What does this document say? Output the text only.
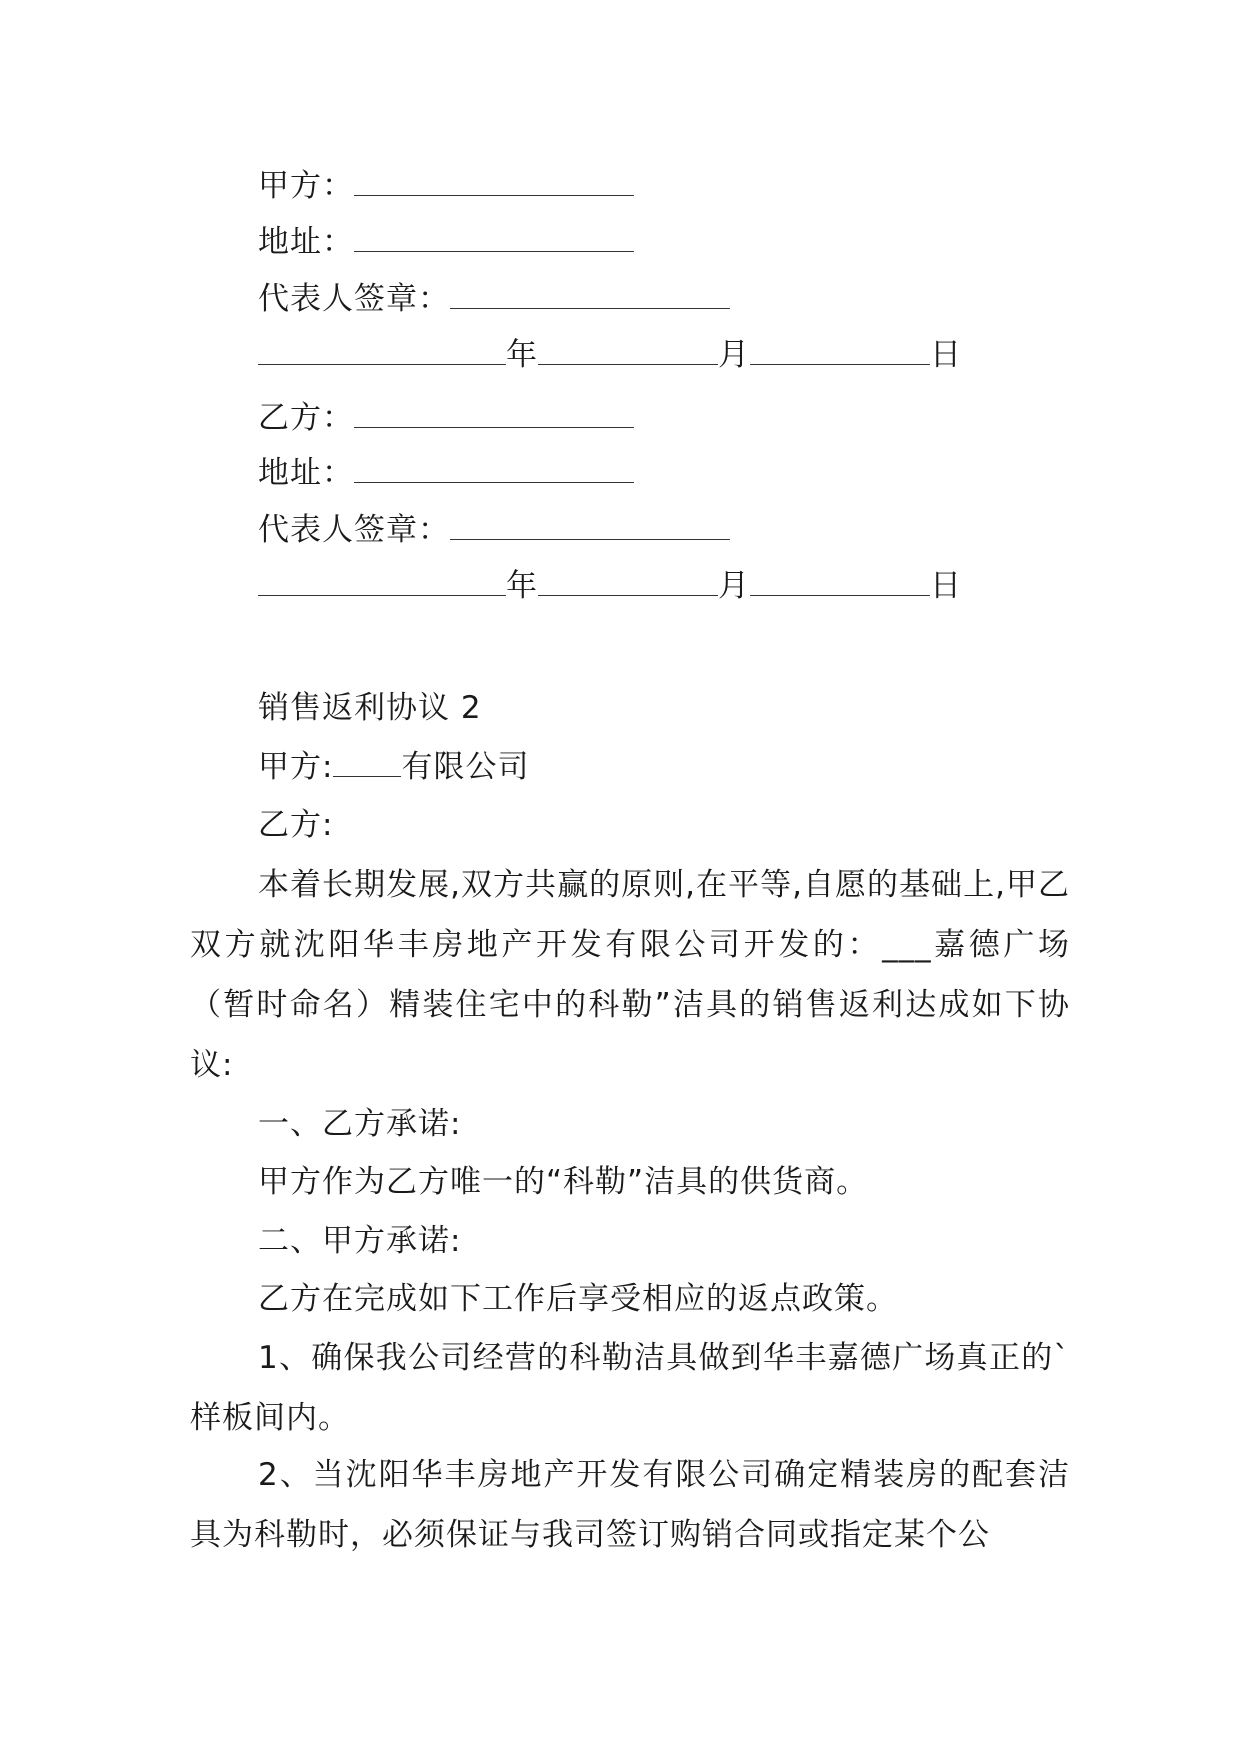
甲方：
地址：
代表人签章：
年	月	日
乙方：
地址：
代表人签章：
年	月	日
销售返利协议 2
甲方: 有限公司
乙方:
本着长期发展,双方共赢的原则,在平等,自愿的基础上,甲乙双方就沈阳华丰房地产开发有限公司开发的：___嘉德广场（暂时命名）精装住宅中的科勒”洁具的销售返利达成如下协议:
一、乙方承诺:
甲方作为乙方唯一的“科勒”洁具的供货商。
二、甲方承诺:
乙方在完成如下工作后享受相应的返点政策。
1、确保我公司经营的科勒洁具做到华丰嘉德广场真正的`样板间内。
2、当沈阳华丰房地产开发有限公司确定精装房的配套洁具为科勒时，必须保证与我司签订购销合同或指定某个公
